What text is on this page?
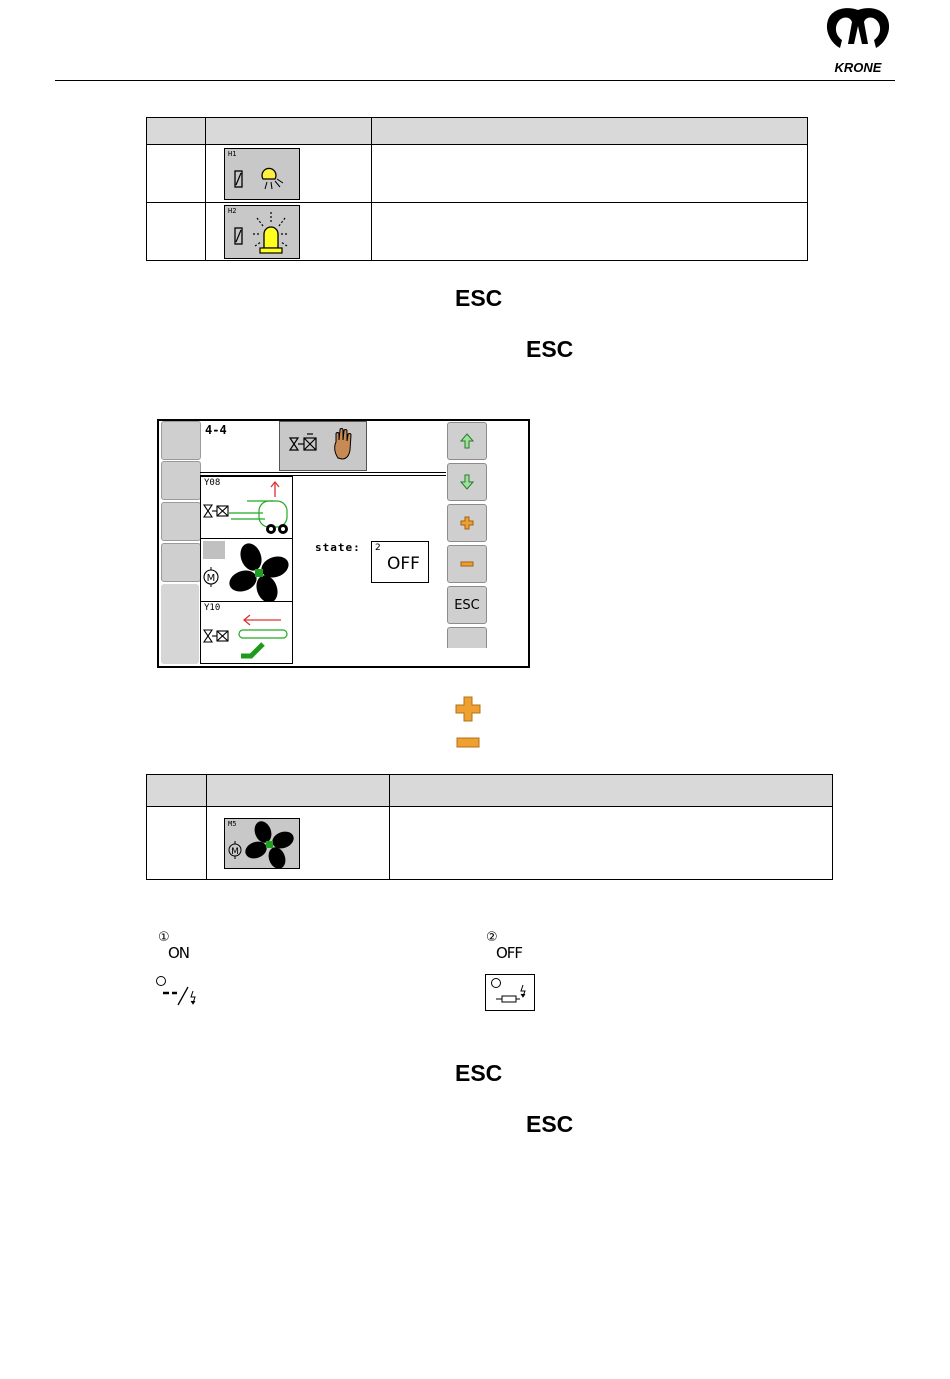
KRONE

	H1	

	H2	

ESC
ESC
4-4
Y08
M
Y10
state: 2
OFF
ESC

	M5
M	

①
ON
②
OFF
ESC
ESC
